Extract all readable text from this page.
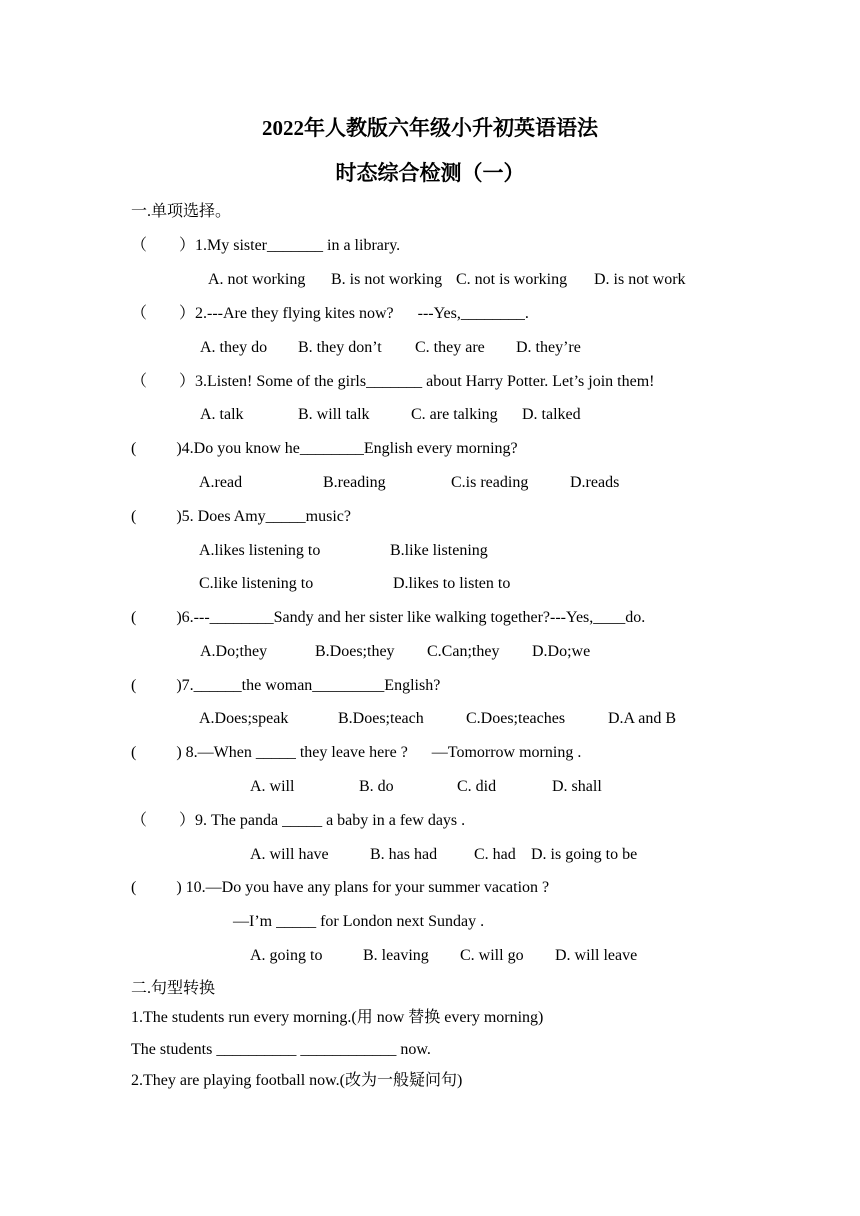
2022年人教版六年级小升初英语语法
时态综合检测（一）
一.单项选择。
（　　）1.My sister_______ in a library.
A. not working B. is not working C. not is working D. is not work
（　　）2.---Are they flying kites now?      ---Yes,________.
A. they do B. they don’t C. they are D. they’re
（　　）3.Listen! Some of the girls_______ about Harry Potter. Let’s join them!
A. talk	B. will talk	C. are talking D. talked
(          )4.Do you know he________English every morning?
A.read	B.reading	C.is reading	D.reads
(          )5. Does Amy_____music?
A.likes listening to	B.like listening
C.like listening to	D.likes to listen to
(          )6.---________Sandy and her sister like walking together?---Yes,____do.
A.Do;they	B.Does;they C.Can;they D.Do;we
(          )7.______the woman_________English?
A.Does;speak	B.Does;teach	C.Does;teaches	D.A and B
(          ) 8.—When _____ they leave here ?      —Tomorrow morning .
A. will	B. do	C. did	D. shall
（　　）9. The panda _____ a baby in a few days .
A. will have	B. has had C. had D. is going to be
(          ) 10.—Do you have any plans for your summer vacation ?
—I’m _____ for London next Sunday .
A. going to	B. leaving C. will go D. will leave
二.句型转换
1.The students run every morning.(用 now 替换 every morning)
The students __________ ____________ now.
2.They are playing football now.(改为一般疑问句)
